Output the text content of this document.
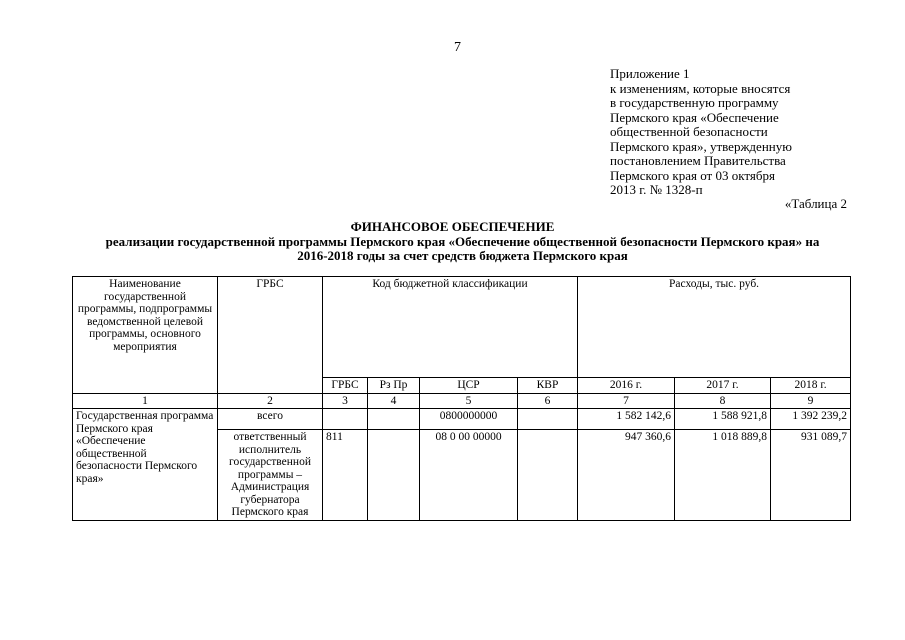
7
Приложение 1
к изменениям, которые вносятся
в государственную программу
Пермского края «Обеспечение
общественной безопасности
Пермского края», утвержденную
постановлением Правительства
Пермского края от 03 октября
2013 г. № 1328-п
«Таблица 2
ФИНАНСОВОЕ ОБЕСПЕЧЕНИЕ
реализации государственной программы Пермского края «Обеспечение общественной безопасности Пермского края» на 2016-2018 годы за счет средств бюджета Пермского края
Наименование государственной программы, подпрограммы ведомственной целевой программы, основного мероприятия	ГРБС	Код бюджетной классификации				Расходы, тыс. руб.		
		ГРБС	Рз Пр	ЦСР	КВР	2016 г.	2017 г.	2018 г.
1	2	3	4	5	6	7	8	9
Государственная программа Пермского края «Обеспечение общественной безопасности Пермского края»	всего			0800000000		1 582 142,6	1 588 921,8	1 392 239,2
	ответственный исполнитель государственной программы – Администрация губернатора Пермского края	811		08 0 00 00000		947 360,6	1 018 889,8	931 089,7
